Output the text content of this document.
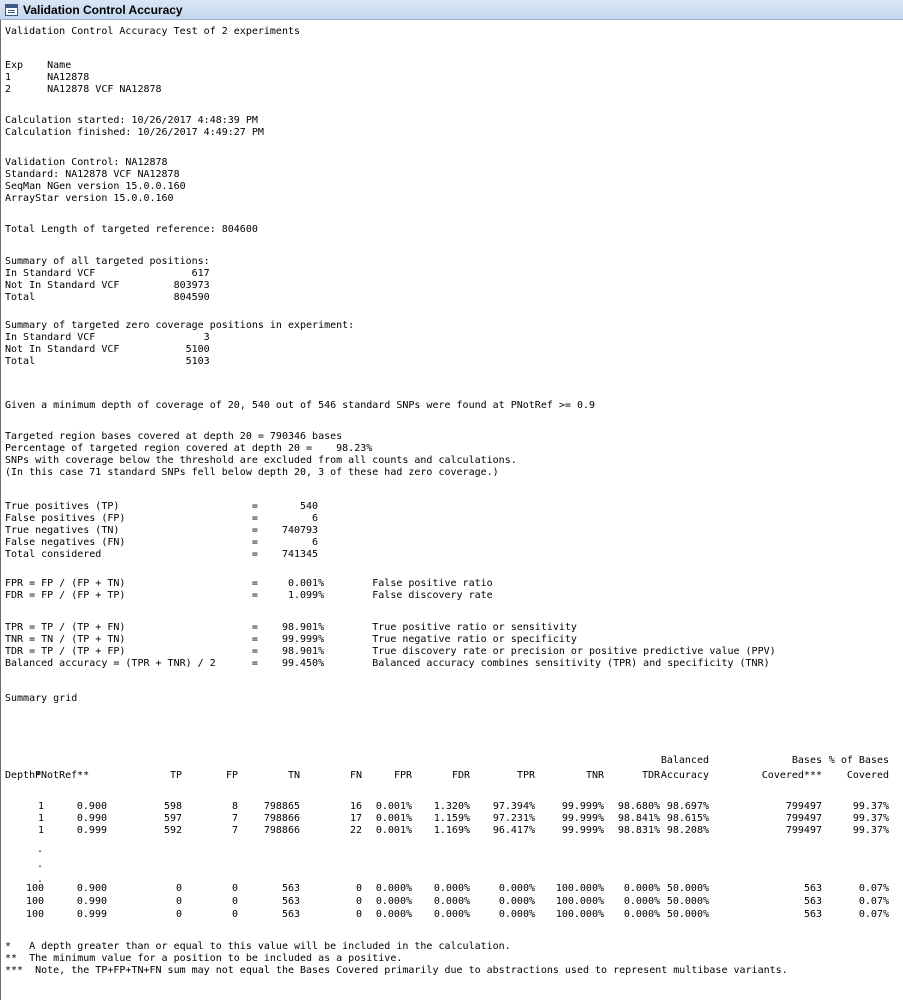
Validation Control Accuracy
Validation Control Accuracy Test of 2 experiments
Exp    Name
1      NA12878
2      NA12878 VCF NA12878
Calculation started: 10/26/2017 4:48:39 PM
Calculation finished: 10/26/2017 4:49:27 PM
Validation Control: NA12878
Standard: NA12878 VCF NA12878
SeqMan NGen version 15.0.0.160
ArrayStar version 15.0.0.160
Total Length of targeted reference: 804600
Summary of all targeted positions:
In Standard VCF                617
Not In Standard VCF         803973
Total                       804590
Summary of targeted zero coverage positions in experiment:
In Standard VCF                  3
Not In Standard VCF           5100
Total                         5103
Given a minimum depth of coverage of 20, 540 out of 546 standard SNPs were found at PNotRef >= 0.9
Targeted region bases covered at depth 20 = 790346 bases
Percentage of targeted region covered at depth 20 =    98.23%
SNPs with coverage below the threshold are excluded from all counts and calculations.
(In this case 71 standard SNPs fell below depth 20, 3 of these had zero coverage.)
True positives (TP)                      =       540
False positives (FP)                     =         6
True negatives (TN)                      =    740793
False negatives (FN)                     =         6
Total considered                         =    741345
FPR = FP / (FP + TN)                     =     0.001%        False positive ratio
FDR = FP / (FP + TP)                     =     1.099%        False discovery rate
TPR = TP / (TP + FN)                     =    98.901%        True positive ratio or sensitivity
TNR = TN / (TP + TN)                     =    99.999%        True negative ratio or specificity
TDR = TP / (TP + FP)                     =    98.901%        True discovery rate or precision or positive predictive value (PPV)
Balanced accuracy = (TPR + TNR) / 2      =    99.450%        Balanced accuracy combines sensitivity (TPR) and specificity (TNR)
Summary grid
Balanced	Bases % of Bases
Depth*
PNotRef**	TP	FP	TN	FN	FPR	FDR	TPR	TNR	TDR Accuracy	Covered*** Covered
1	0.900	598	8	798865	16 0.001% 1.320% 97.394%	99.999% 98.680% 98.697%	799497	99.37%
1	0.990	597	7	798866	17 0.001% 1.159% 97.231%	99.999% 98.841% 98.615%	799497	99.37%
1	0.999	592	7	798866	22 0.001% 1.169% 96.417%	99.999% 98.831% 98.208%	799497	99.37%
.
.
.
100	0.900	0	0	563	0 0.000% 0.000%	0.000% 100.000% 0.000% 50.000%	563	0.07%
100	0.990	0	0	563	0 0.000% 0.000%	0.000% 100.000% 0.000% 50.000%	563	0.07%
100	0.999	0	0	563	0 0.000% 0.000%	0.000% 100.000% 0.000% 50.000%	563	0.07%
*   A depth greater than or equal to this value will be included in the calculation.
**  The minimum value for a position to be included as a positive.
***  Note, the TP+FP+TN+FN sum may not equal the Bases Covered primarily due to abstractions used to represent multibase variants.
